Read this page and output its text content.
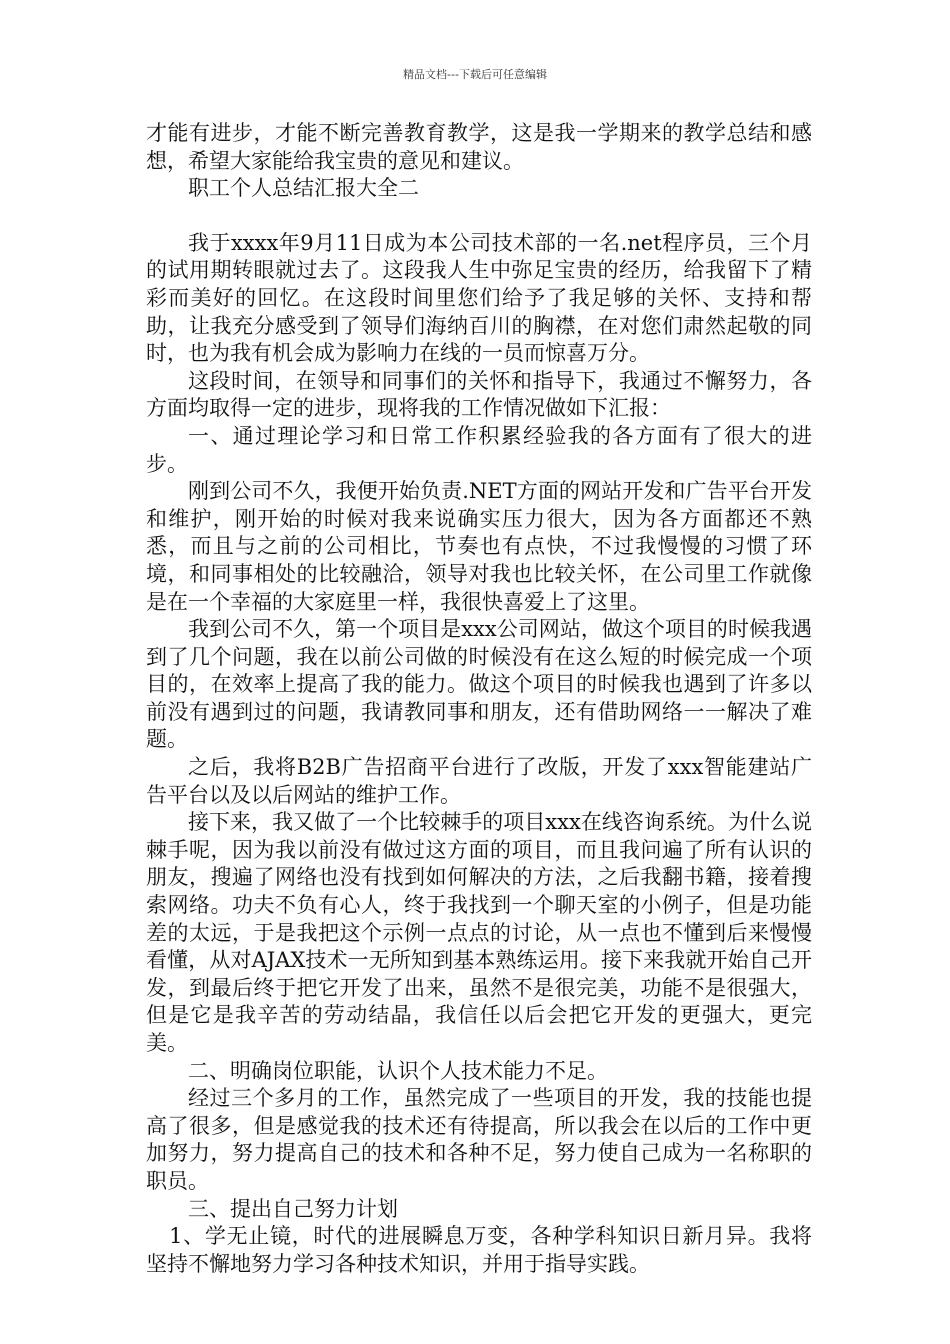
精品文档---下载后可任意编辑

才能有进步，才能不断完善教育教学，这是我一学期来的教学总结和感想，希望大家能给我宝贵的意见和建议。

职工个人总结汇报大全二

我于xxxx年9月11日成为本公司技术部的一名.net程序员，三个月的试用期转眼就过去了。这段我人生中弥足宝贵的经历，给我留下了精彩而美好的回忆。在这段时间里您们给予了我足够的关怀、支持和帮助，让我充分感受到了领导们海纳百川的胸襟，在对您们肃然起敬的同时，也为我有机会成为影响力在线的一员而惊喜万分。

这段时间，在领导和同事们的关怀和指导下，我通过不懈努力，各方面均取得一定的进步，现将我的工作情况做如下汇报：

一、通过理论学习和日常工作积累经验我的各方面有了很大的进步。

刚到公司不久，我便开始负责.NET方面的网站开发和广告平台开发和维护，刚开始的时候对我来说确实压力很大，因为各方面都还不熟悉，而且与之前的公司相比，节奏也有点快，不过我慢慢的习惯了环境，和同事相处的比较融洽，领导对我也比较关怀，在公司里工作就像是在一个幸福的大家庭里一样，我很快喜爱上了这里。

我到公司不久，第一个项目是xxx公司网站，做这个项目的时候我遇到了几个问题，我在以前公司做的时候没有在这么短的时候完成一个项目的，在效率上提高了我的能力。做这个项目的时候我也遇到了许多以前没有遇到过的问题，我请教同事和朋友，还有借助网络一一解决了难题。

之后，我将B2B广告招商平台进行了改版，开发了xxx智能建站广告平台以及以后网站的维护工作。

接下来，我又做了一个比较棘手的项目xxx在线咨询系统。为什么说棘手呢，因为我以前没有做过这方面的项目，而且我问遍了所有认识的朋友，搜遍了网络也没有找到如何解决的方法，之后我翻书籍，接着搜索网络。功夫不负有心人，终于我找到一个聊天室的小例子，但是功能差的太远，于是我把这个示例一点点的讨论，从一点也不懂到后来慢慢看懂，从对AJAX技术一无所知到基本熟练运用。接下来我就开始自己开发，到最后终于把它开发了出来，虽然不是很完美，功能不是很强大，但是它是我辛苦的劳动结晶，我信任以后会把它开发的更强大，更完美。

二、明确岗位职能，认识个人技术能力不足。

经过三个多月的工作，虽然完成了一些项目的开发，我的技能也提高了很多，但是感觉我的技术还有待提高，所以我会在以后的工作中更加努力，努力提高自己的技术和各种不足，努力使自己成为一名称职的职员。

三、提出自己努力计划

1、学无止镜，时代的进展瞬息万变，各种学科知识日新月异。我将坚持不懈地努力学习各种技术知识，并用于指导实践。
